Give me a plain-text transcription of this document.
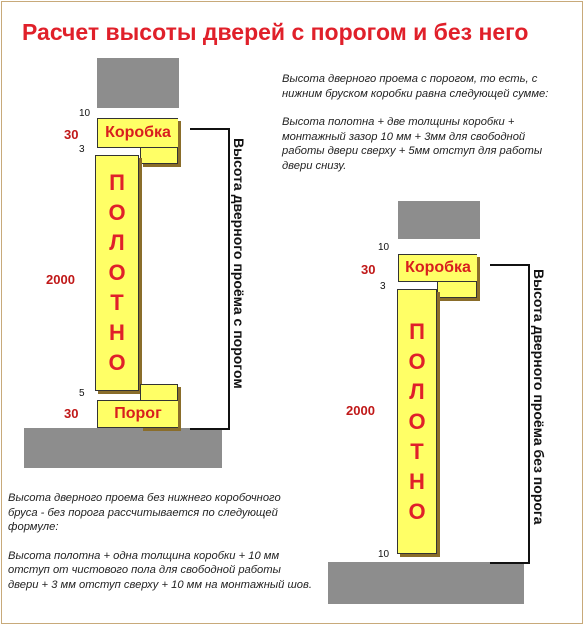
Расчет высоты дверей с порогом и без него
Высота дверного проема с порогом, то есть, с нижним бруском коробки равна следующей сумме:
Высота полотна + две толщины коробки + монтажный зазор 10 мм + 3мм для свободной работы двери сверху + 5мм отступ для работы двери снизу.
Высота дверного проема без нижнего коробочного бруса - без порога рассчитывается по следующей формуле:
Высота полотна + одна толщина коробки + 10 мм отступ от чистового пола для свободной работы двери + 3 мм отступ сверху + 10 мм на монтажный шов.
10
30
3
2000
5
30
Коробка
П
О
Л
О
Т
Н
О
Порог
Высота дверного проёма с порогом	10
30
3
2000
10
Коробка
П
О
Л
О
Т
Н
О	Высота дверного проёма без порога
